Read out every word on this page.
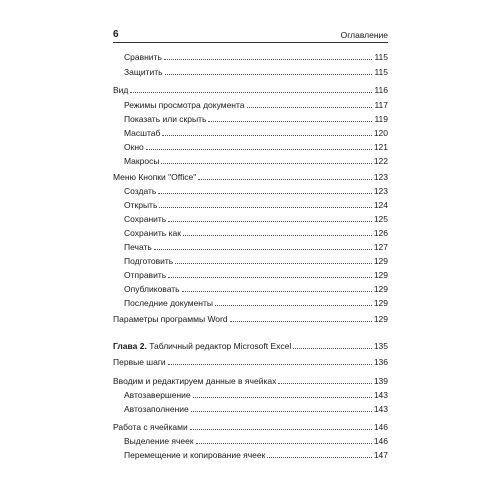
6	Оглавление
Сравнить	115
Защитить	115
Вид	116
Режимы просмотра документа	117
Показать или скрыть	119
Масштаб	120
Окно	121
Макросы	122
Меню Кнопки "Office"	123
Создать	123
Открыть	124
Сохранить	125
Сохранить как	126
Печать	127
Подготовить	129
Отправить	129
Опубликовать	129
Последние документы	129
Параметры программы Word	129
Глава 2. Табличный редактор Microsoft Excel	135
Первые шаги	136
Вводим и редактируем данные в ячейках	139
Автозавершение	143
Автозаполнение	143
Работа с ячейками	146
Выделение ячеек	146
Перемещение и копирование ячеек	147
